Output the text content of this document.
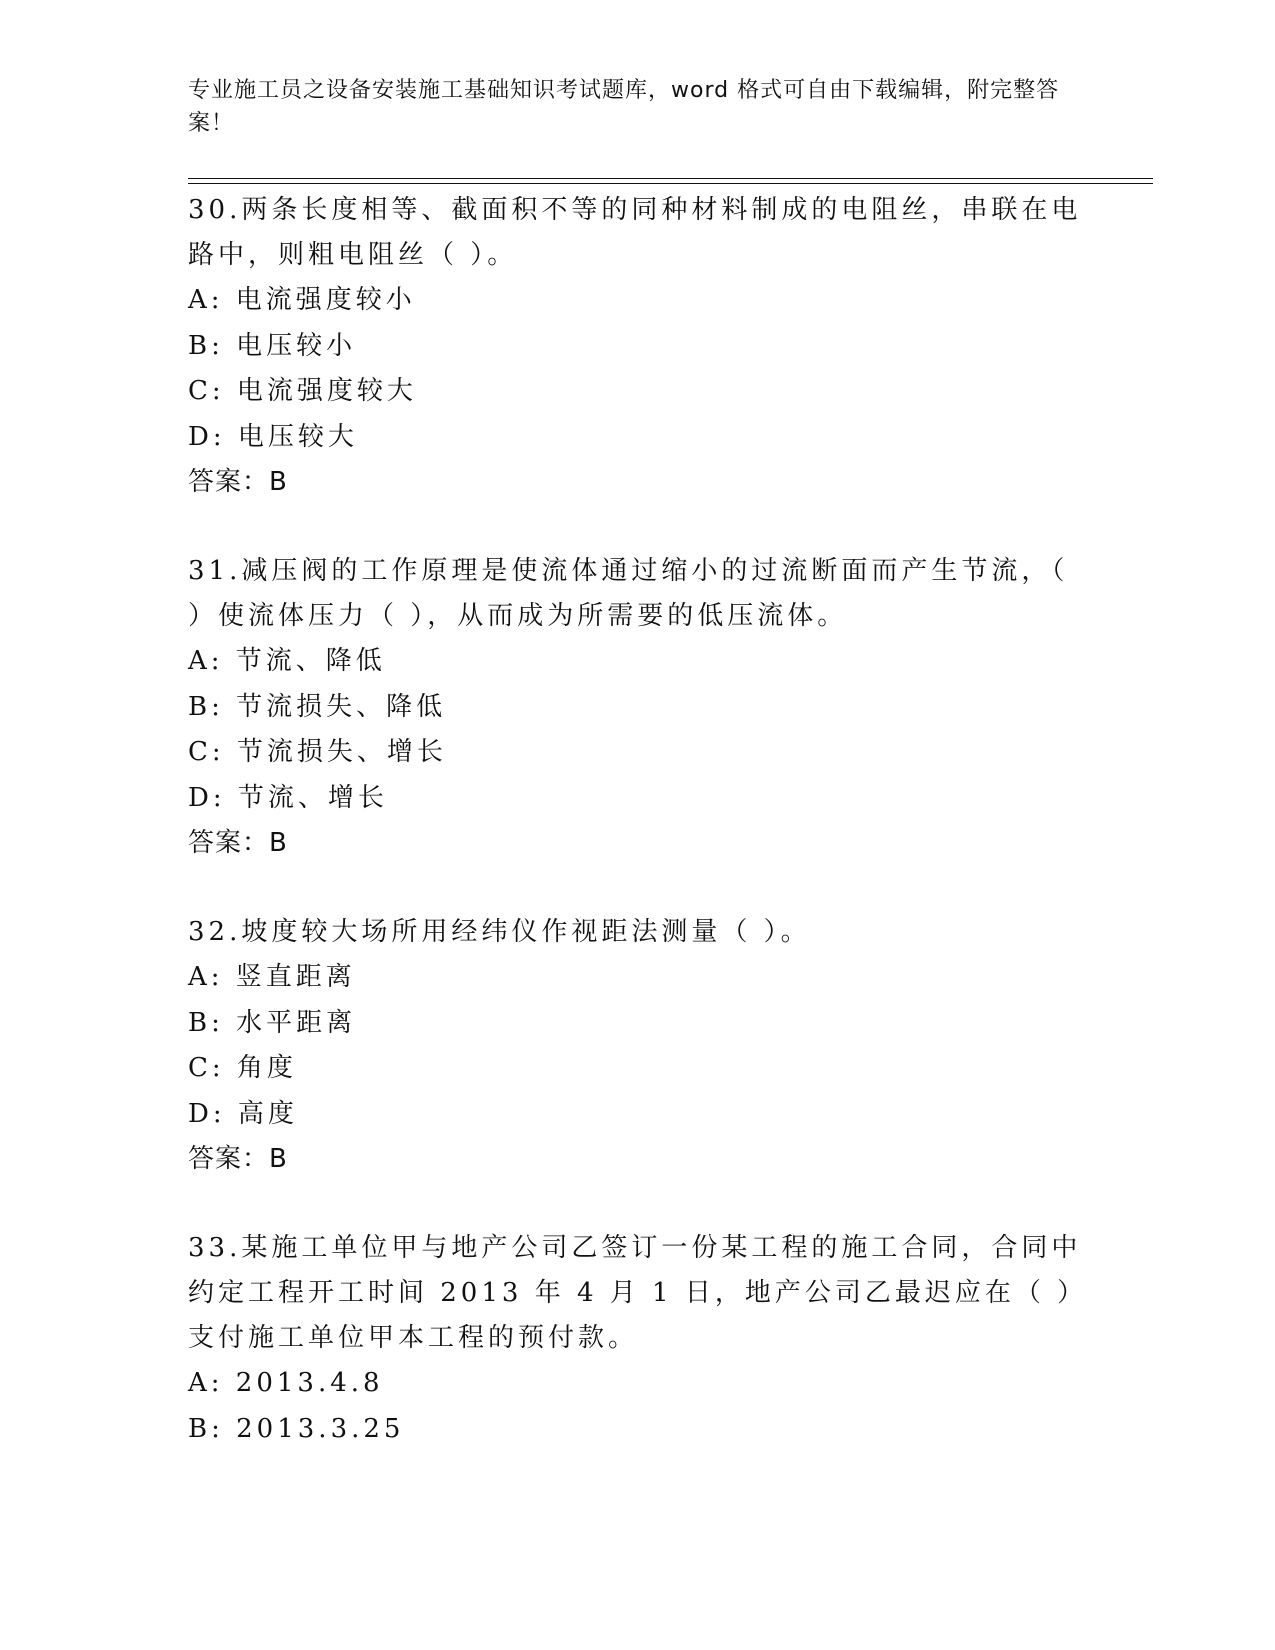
专业施工员之设备安装施工基础知识考试题库，word 格式可自由下载编辑，附完整答案！
30.两条长度相等、截面积不等的同种材料制成的电阻丝，串联在电路中，则粗电阻丝（ ）。
A: 电流强度较小
B: 电压较小
C: 电流强度较大
D: 电压较大
答案：B
31.减压阀的工作原理是使流体通过缩小的过流断面而产生节流，（ ）使流体压力（ ），从而成为所需要的低压流体。
A: 节流、降低
B: 节流损失、降低
C: 节流损失、增长
D: 节流、增长
答案：B
32.坡度较大场所用经纬仪作视距法测量（ ）。
A: 竖直距离
B: 水平距离
C: 角度
D: 高度
答案：B
33.某施工单位甲与地产公司乙签订一份某工程的施工合同，合同中约定工程开工时间 2013 年 4 月 1 日，地产公司乙最迟应在（ ）支付施工单位甲本工程的预付款。
A: 2013.4.8
B: 2013.3.25
